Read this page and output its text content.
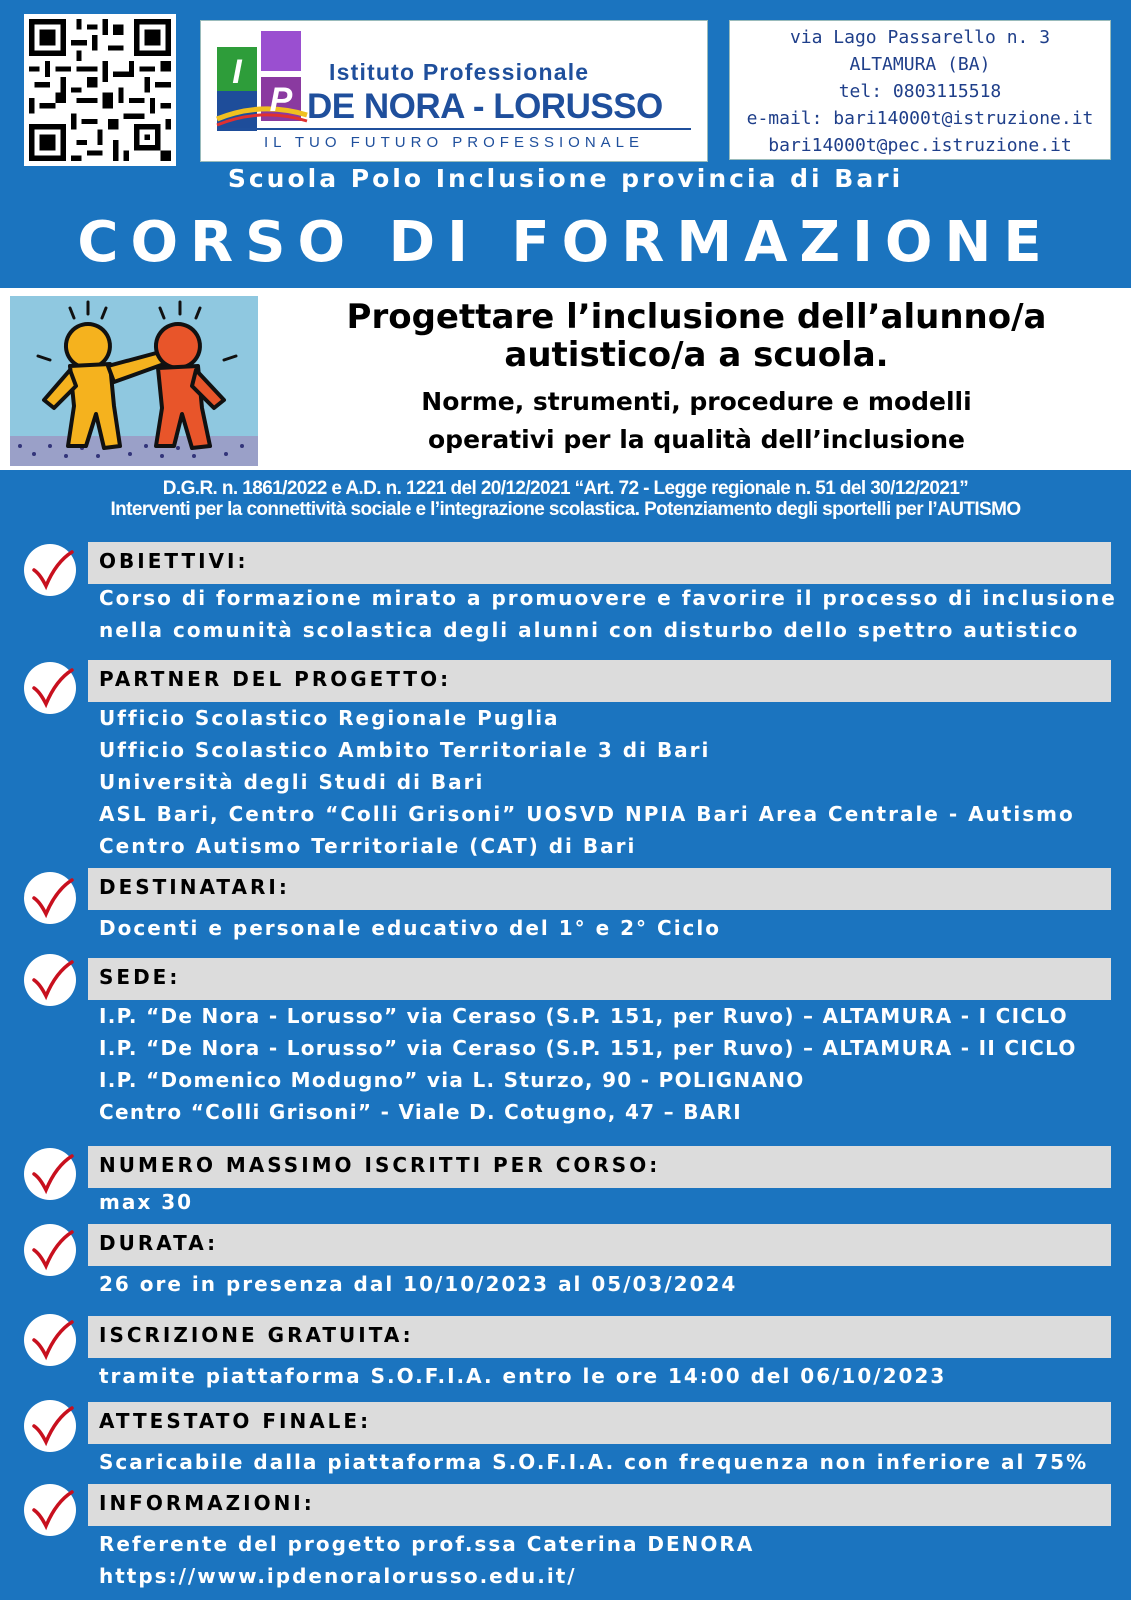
I
P
Istituto Professionale
DE NORA - LORUSSO
IL TUO FUTURO PROFESSIONALE
via Lago Passarello n. 3
ALTAMURA (BA)
tel: 0803115518
e-mail: bari14000t@istruzione.it
bari14000t@pec.istruzione.it
Scuola Polo Inclusione provincia di Bari
CORSO DI FORMAZIONE
Progettare l’inclusione dell’alunno/a
autistico/a a scuola.
Norme, strumenti, procedure e modelli
operativi per la qualità dell’inclusione
D.G.R. n. 1861/2022 e A.D. n. 1221 del 20/12/2021 “Art. 72 - Legge regionale n. 51 del 30/12/2021”
Interventi per la connettività sociale e l’integrazione scolastica. Potenziamento degli sportelli per l’AUTISMO
OBIETTIVI:
Corso di formazione mirato a promuovere e favorire il processo di inclusione
nella comunità scolastica degli alunni con disturbo dello spettro autistico
PARTNER DEL PROGETTO:
Ufficio Scolastico Regionale Puglia
Ufficio Scolastico Ambito Territoriale 3 di Bari
Università degli Studi di Bari
ASL Bari, Centro “Colli Grisoni” UOSVD NPIA Bari Area Centrale - Autismo
Centro Autismo Territoriale (CAT) di Bari
DESTINATARI:
Docenti e personale educativo del 1° e 2° Ciclo
SEDE:
I.P. “De Nora - Lorusso” via Ceraso (S.P. 151, per Ruvo) – ALTAMURA - I CICLO
I.P. “De Nora - Lorusso” via Ceraso (S.P. 151, per Ruvo) – ALTAMURA - II CICLO
I.P. “Domenico Modugno” via L. Sturzo, 90 - POLIGNANO
Centro “Colli Grisoni” - Viale D. Cotugno, 47 – BARI
NUMERO MASSIMO ISCRITTI PER CORSO:
max 30
DURATA:
26 ore in presenza dal 10/10/2023 al 05/03/2024
ISCRIZIONE GRATUITA:
tramite piattaforma S.O.F.I.A. entro le ore 14:00 del 06/10/2023
ATTESTATO FINALE:
Scaricabile dalla piattaforma S.O.F.I.A. con frequenza non inferiore al 75%
INFORMAZIONI:
Referente del progetto prof.ssa Caterina DENORA
https://www.ipdenoralorusso.edu.it/
